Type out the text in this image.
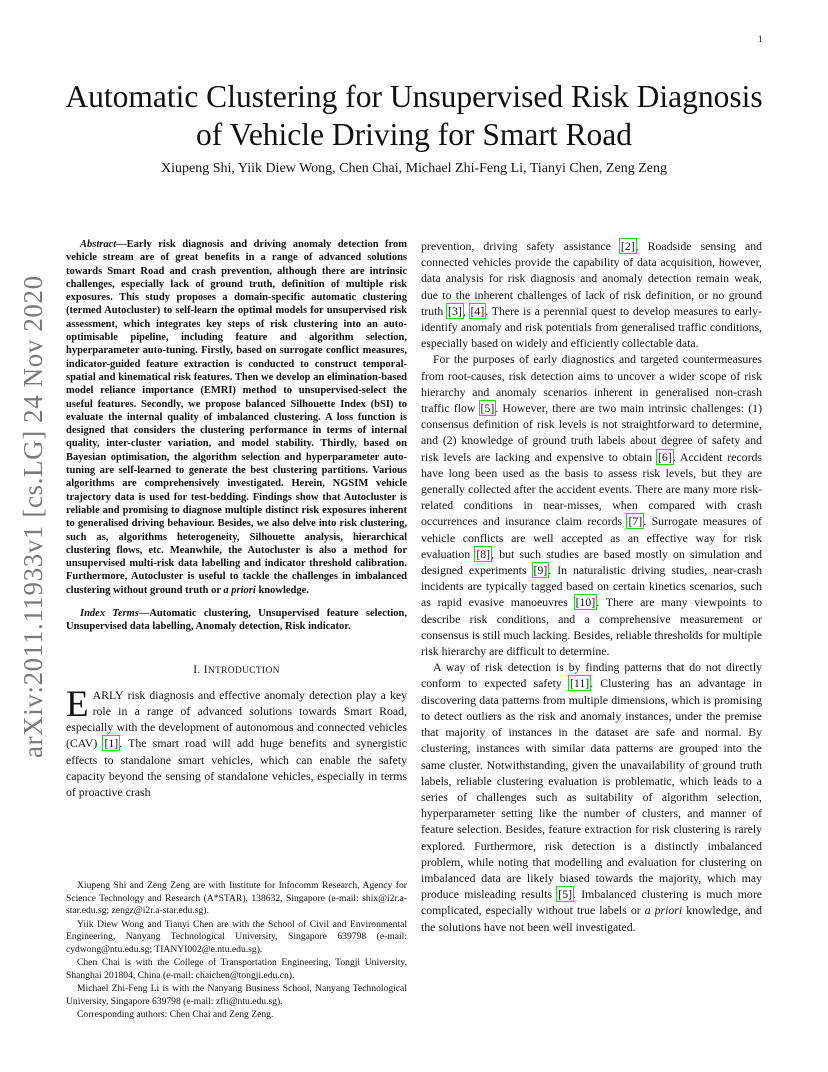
1
arXiv:2011.11933v1 [cs.LG] 24 Nov 2020
Automatic Clustering for Unsupervised Risk Diagnosis of Vehicle Driving for Smart Road
Xiupeng Shi, Yiik Diew Wong, Chen Chai, Michael Zhi-Feng Li, Tianyi Chen, Zeng Zeng

Abstract—Early risk diagnosis and driving anomaly detection from vehicle stream are of great benefits in a range of advanced solutions towards Smart Road and crash prevention, although there are intrinsic challenges, especially lack of ground truth, definition of multiple risk exposures. This study proposes a domain-specific automatic clustering (termed Autocluster) to self-learn the optimal models for unsupervised risk assessment, which integrates key steps of risk clustering into an auto-optimisable pipeline, including feature and algorithm selection, hyperparameter auto-tuning. Firstly, based on surrogate conflict measures, indicator-guided feature extraction is conducted to construct temporal-spatial and kinematical risk features. Then we develop an elimination-based model reliance importance (EMRI) method to unsupervised-select the useful features. Secondly, we propose balanced Silhouette Index (bSI) to evaluate the internal quality of imbalanced clustering. A loss function is designed that considers the clustering performance in terms of internal quality, inter-cluster variation, and model stability. Thirdly, based on Bayesian optimisation, the algorithm selection and hyperparameter auto-tuning are self-learned to generate the best clustering partitions. Various algorithms are comprehensively investigated. Herein, NGSIM vehicle trajectory data is used for test-bedding. Findings show that Autocluster is reliable and promising to diagnose multiple distinct risk exposures inherent to generalised driving behaviour. Besides, we also delve into risk clustering, such as, algorithms heterogeneity, Silhouette analysis, hierarchical clustering flows, etc. Meanwhile, the Autocluster is also a method for unsupervised multi-risk data labelling and indicator threshold calibration. Furthermore, Autocluster is useful to tackle the challenges in imbalanced clustering without ground truth or a priori knowledge.

Index Terms—Automatic clustering, Unsupervised feature selection, Unsupervised data labelling, Anomaly detection, Risk indicator.

I. INTRODUCTION

EARLY risk diagnosis and effective anomaly detection play a key role in a range of advanced solutions towards Smart Road, especially with the development of autonomous and connected vehicles (CAV) [1]. The smart road will add huge benefits and synergistic effects to standalone smart vehicles, which can enable the safety capacity beyond the sensing of standalone vehicles, especially in terms of proactive crash

Xiupeng Shi and Zeng Zeng are with Institute for Infocomm Research, Agency for Science Technology and Research (A*STAR), 138632, Singapore (e-mail: shix@i2r.a-star.edu.sg; zengz@i2r.a-star.edu.sg).

Yiik Diew Wong and Tianyi Chen are with the School of Civil and Environmental Engineering, Nanyang Technological University, Singapore 639798 (e-mail: cydwong@ntu.edu.sg; TIANYI002@e.ntu.edu.sg).

Chen Chai is with the College of Transportation Engineering, Tongji University, Shanghai 201804, China (e-mail: chaichen@tongji.edu.cn).

Michael Zhi-Feng Li is with the Nanyang Business School, Nanyang Technological University, Singapore 639798 (e-mail: zfli@ntu.edu.sg).

Corresponding authors: Chen Chai and Zeng Zeng.

prevention, driving safety assistance [2]. Roadside sensing and connected vehicles provide the capability of data acquisition, however, data analysis for risk diagnosis and anomaly detection remain weak, due to the inherent challenges of lack of risk definition, or no ground truth [3], [4]. There is a perennial quest to develop measures to early-identify anomaly and risk potentials from generalised traffic conditions, especially based on widely and efficiently collectable data.

For the purposes of early diagnostics and targeted countermeasures from root-causes, risk detection aims to uncover a wider scope of risk hierarchy and anomaly scenarios inherent in generalised non-crash traffic flow [5]. However, there are two main intrinsic challenges: (1) consensus definition of risk levels is not straightforward to determine, and (2) knowledge of ground truth labels about degree of safety and risk levels are lacking and expensive to obtain [6]. Accident records have long been used as the basis to assess risk levels, but they are generally collected after the accident events. There are many more risk-related conditions in near-misses, when compared with crash occurrences and insurance claim records [7]. Surrogate measures of vehicle conflicts are well accepted as an effective way for risk evaluation [8], but such studies are based mostly on simulation and designed experiments [9]. In naturalistic driving studies, near-crash incidents are typically tagged based on certain kinetics scenarios, such as rapid evasive manoeuvres [10]. There are many viewpoints to describe risk conditions, and a comprehensive measurement or consensus is still much lacking. Besides, reliable thresholds for multiple risk hierarchy are difficult to determine.

A way of risk detection is by finding patterns that do not directly conform to expected safety [11]. Clustering has an advantage in discovering data patterns from multiple dimensions, which is promising to detect outliers as the risk and anomaly instances, under the premise that majority of instances in the dataset are safe and normal. By clustering, instances with similar data patterns are grouped into the same cluster. Notwithstanding, given the unavailability of ground truth labels, reliable clustering evaluation is problematic, which leads to a series of challenges such as suitability of algorithm selection, hyperparameter setting like the number of clusters, and manner of feature selection. Besides, feature extraction for risk clustering is rarely explored. Furthermore, risk detection is a distinctly imbalanced problem, while noting that modelling and evaluation for clustering on imbalanced data are likely biased towards the majority, which may produce misleading results [5]. Imbalanced clustering is much more complicated, especially without true labels or a priori knowledge, and the solutions have not been well investigated.
